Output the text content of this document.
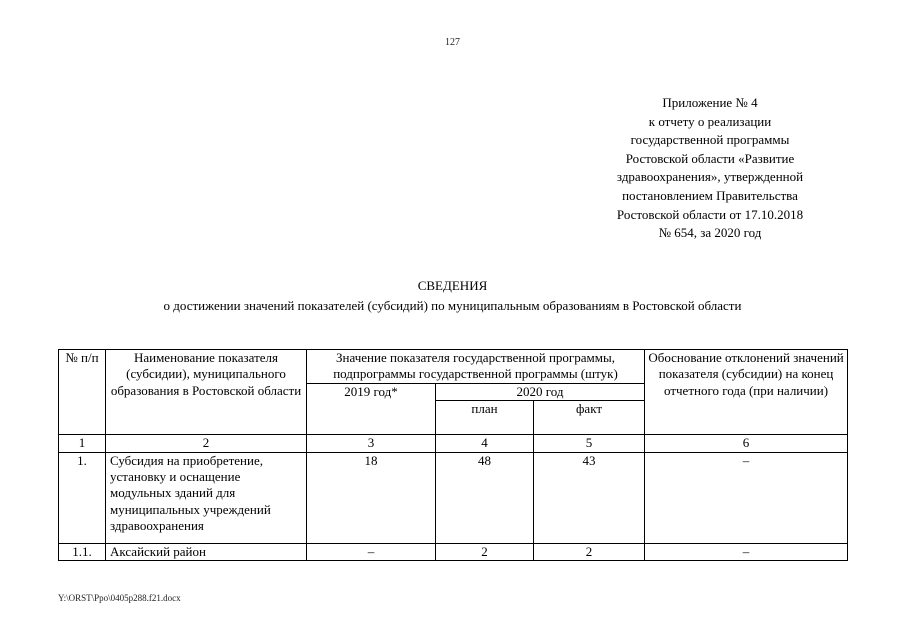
127
Приложение № 4
к отчету о реализации
государственной программы
Ростовской области «Развитие
здравоохранения», утвержденной
постановлением Правительства
Ростовской области от 17.10.2018
№ 654, за 2020 год
СВЕДЕНИЯ
о достижении значений показателей (субсидий) по муниципальным образованиям в Ростовской области
№ п/п	Наименование показателя (субсидии), муниципального образования в Ростовской области	Значение показателя государственной программы, подпрограммы государственной программы (штук)			Обоснование отклонений значений показателя (субсидии) на конец отчетного года (при наличии)
		2019 год*	2020 год		
			план	факт	
1	2	3	4	5	6
1.	Субсидия на приобретение, установку и оснащение модульных зданий для муниципальных учреждений здравоохранения	18	48	43	–
1.1.	Аксайский район	–	2	2	–
Y:\ORST\Ppo\0405p288.f21.docx
